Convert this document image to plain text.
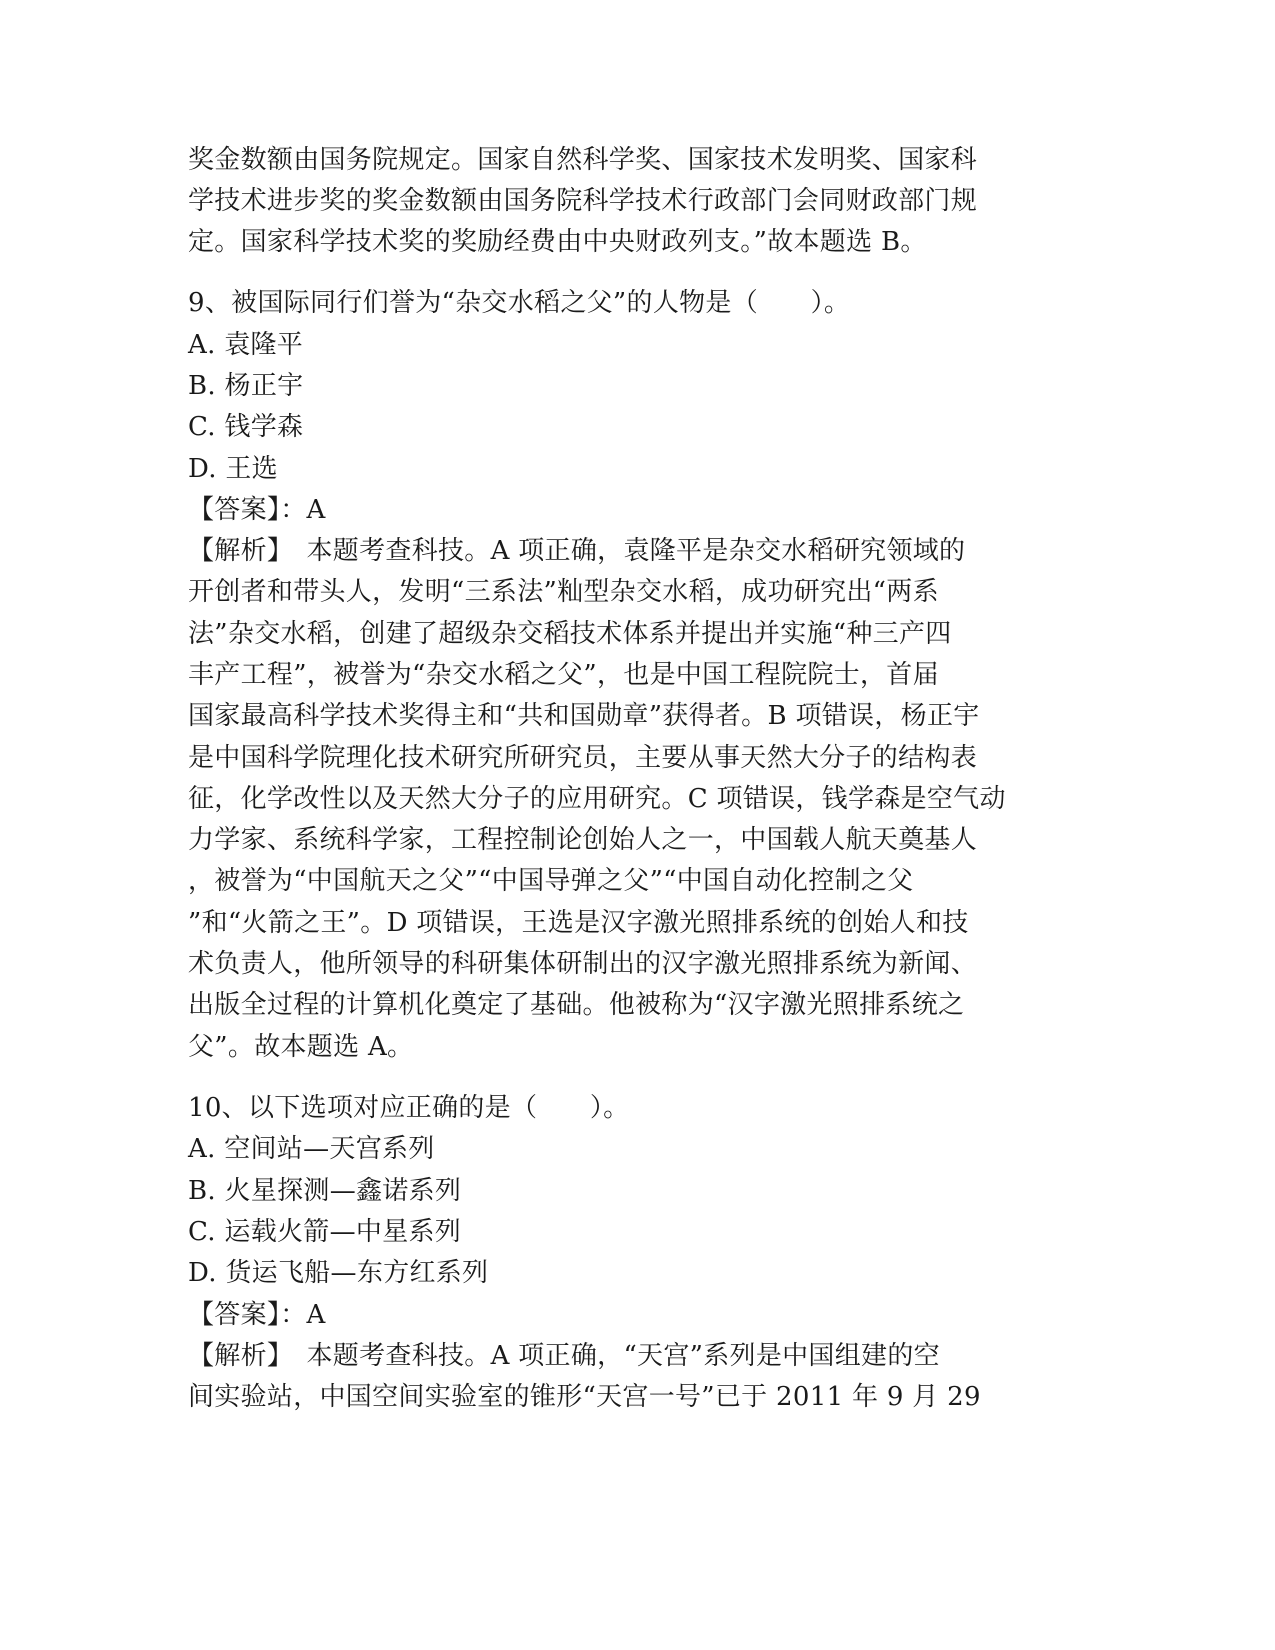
奖金数额由国务院规定。国家自然科学奖、国家技术发明奖、国家科
学技术进步奖的奖金数额由国务院科学技术行政部门会同财政部门规
定。国家科学技术奖的奖励经费由中央财政列支。”故本题选 B。
9、被国际同行们誉为“杂交水稻之父”的人物是（　　）。
A. 袁隆平
B. 杨正宇
C. 钱学森
D. 王选
【答案】：A
【解析】　本题考查科技。A 项正确，袁隆平是杂交水稻研究领域的
开创者和带头人，发明“三系法”籼型杂交水稻，成功研究出“两系
法”杂交水稻，创建了超级杂交稻技术体系并提出并实施“种三产四
丰产工程”，被誉为“杂交水稻之父”，也是中国工程院院士，首届
国家最高科学技术奖得主和“共和国勋章”获得者。B 项错误，杨正宇
是中国科学院理化技术研究所研究员，主要从事天然大分子的结构表
征，化学改性以及天然大分子的应用研究。C 项错误，钱学森是空气动
力学家、系统科学家，工程控制论创始人之一，中国载人航天奠基人
，被誉为“中国航天之父”“中国导弹之父”“中国自动化控制之父
”和“火箭之王”。D 项错误，王选是汉字激光照排系统的创始人和技
术负责人，他所领导的科研集体研制出的汉字激光照排系统为新闻、
出版全过程的计算机化奠定了基础。他被称为“汉字激光照排系统之
父”。故本题选 A。
10、以下选项对应正确的是（　　）。
A. 空间站—天宫系列
B. 火星探测—鑫诺系列
C. 运载火箭—中星系列
D. 货运飞船—东方红系列
【答案】：A
【解析】　本题考查科技。A 项正确，“天宫”系列是中国组建的空
间实验站，中国空间实验室的锥形“天宫一号”已于 2011 年 9 月 29
